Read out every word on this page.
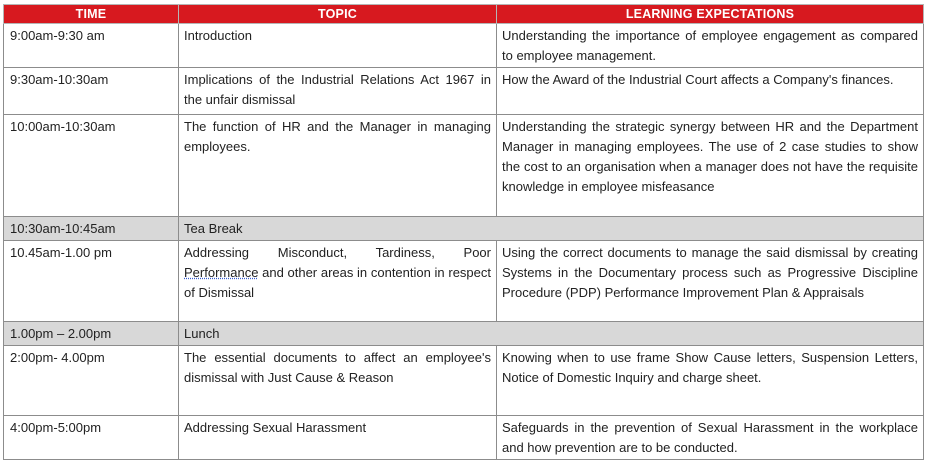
TIME	TOPIC	LEARNING EXPECTATIONS
9:00am-9:30 am	Introduction	Understanding the importance of employee engagement as compared to employee management.
9:30am-10:30am	Implications of the Industrial Relations Act 1967 in the unfair dismissal	How the Award of the Industrial Court affects a Company's finances.
10:00am-10:30am	The function of HR and the Manager in managing employees.	Understanding the strategic synergy between HR and the Department Manager in managing employees. The use of 2 case studies to show the cost to an organisation when a manager does not have the requisite knowledge in employee misfeasance
10:30am-10:45am	Tea Break	
10.45am-1.00 pm	Addressing Misconduct, Tardiness, Poor Performance and other areas in contention in respect of Dismissal	Using the correct documents to manage the said dismissal by creating Systems in the Documentary process such as Progressive Discipline Procedure (PDP) Performance Improvement Plan & Appraisals
1.00pm – 2.00pm	Lunch	
2:00pm- 4.00pm	The essential documents to affect an employee's dismissal with Just Cause & Reason	Knowing when to use frame Show Cause letters, Suspension Letters, Notice of Domestic Inquiry and charge sheet.
4:00pm-5:00pm	Addressing Sexual Harassment	Safeguards in the prevention of Sexual Harassment in the workplace and how prevention are to be conducted.
